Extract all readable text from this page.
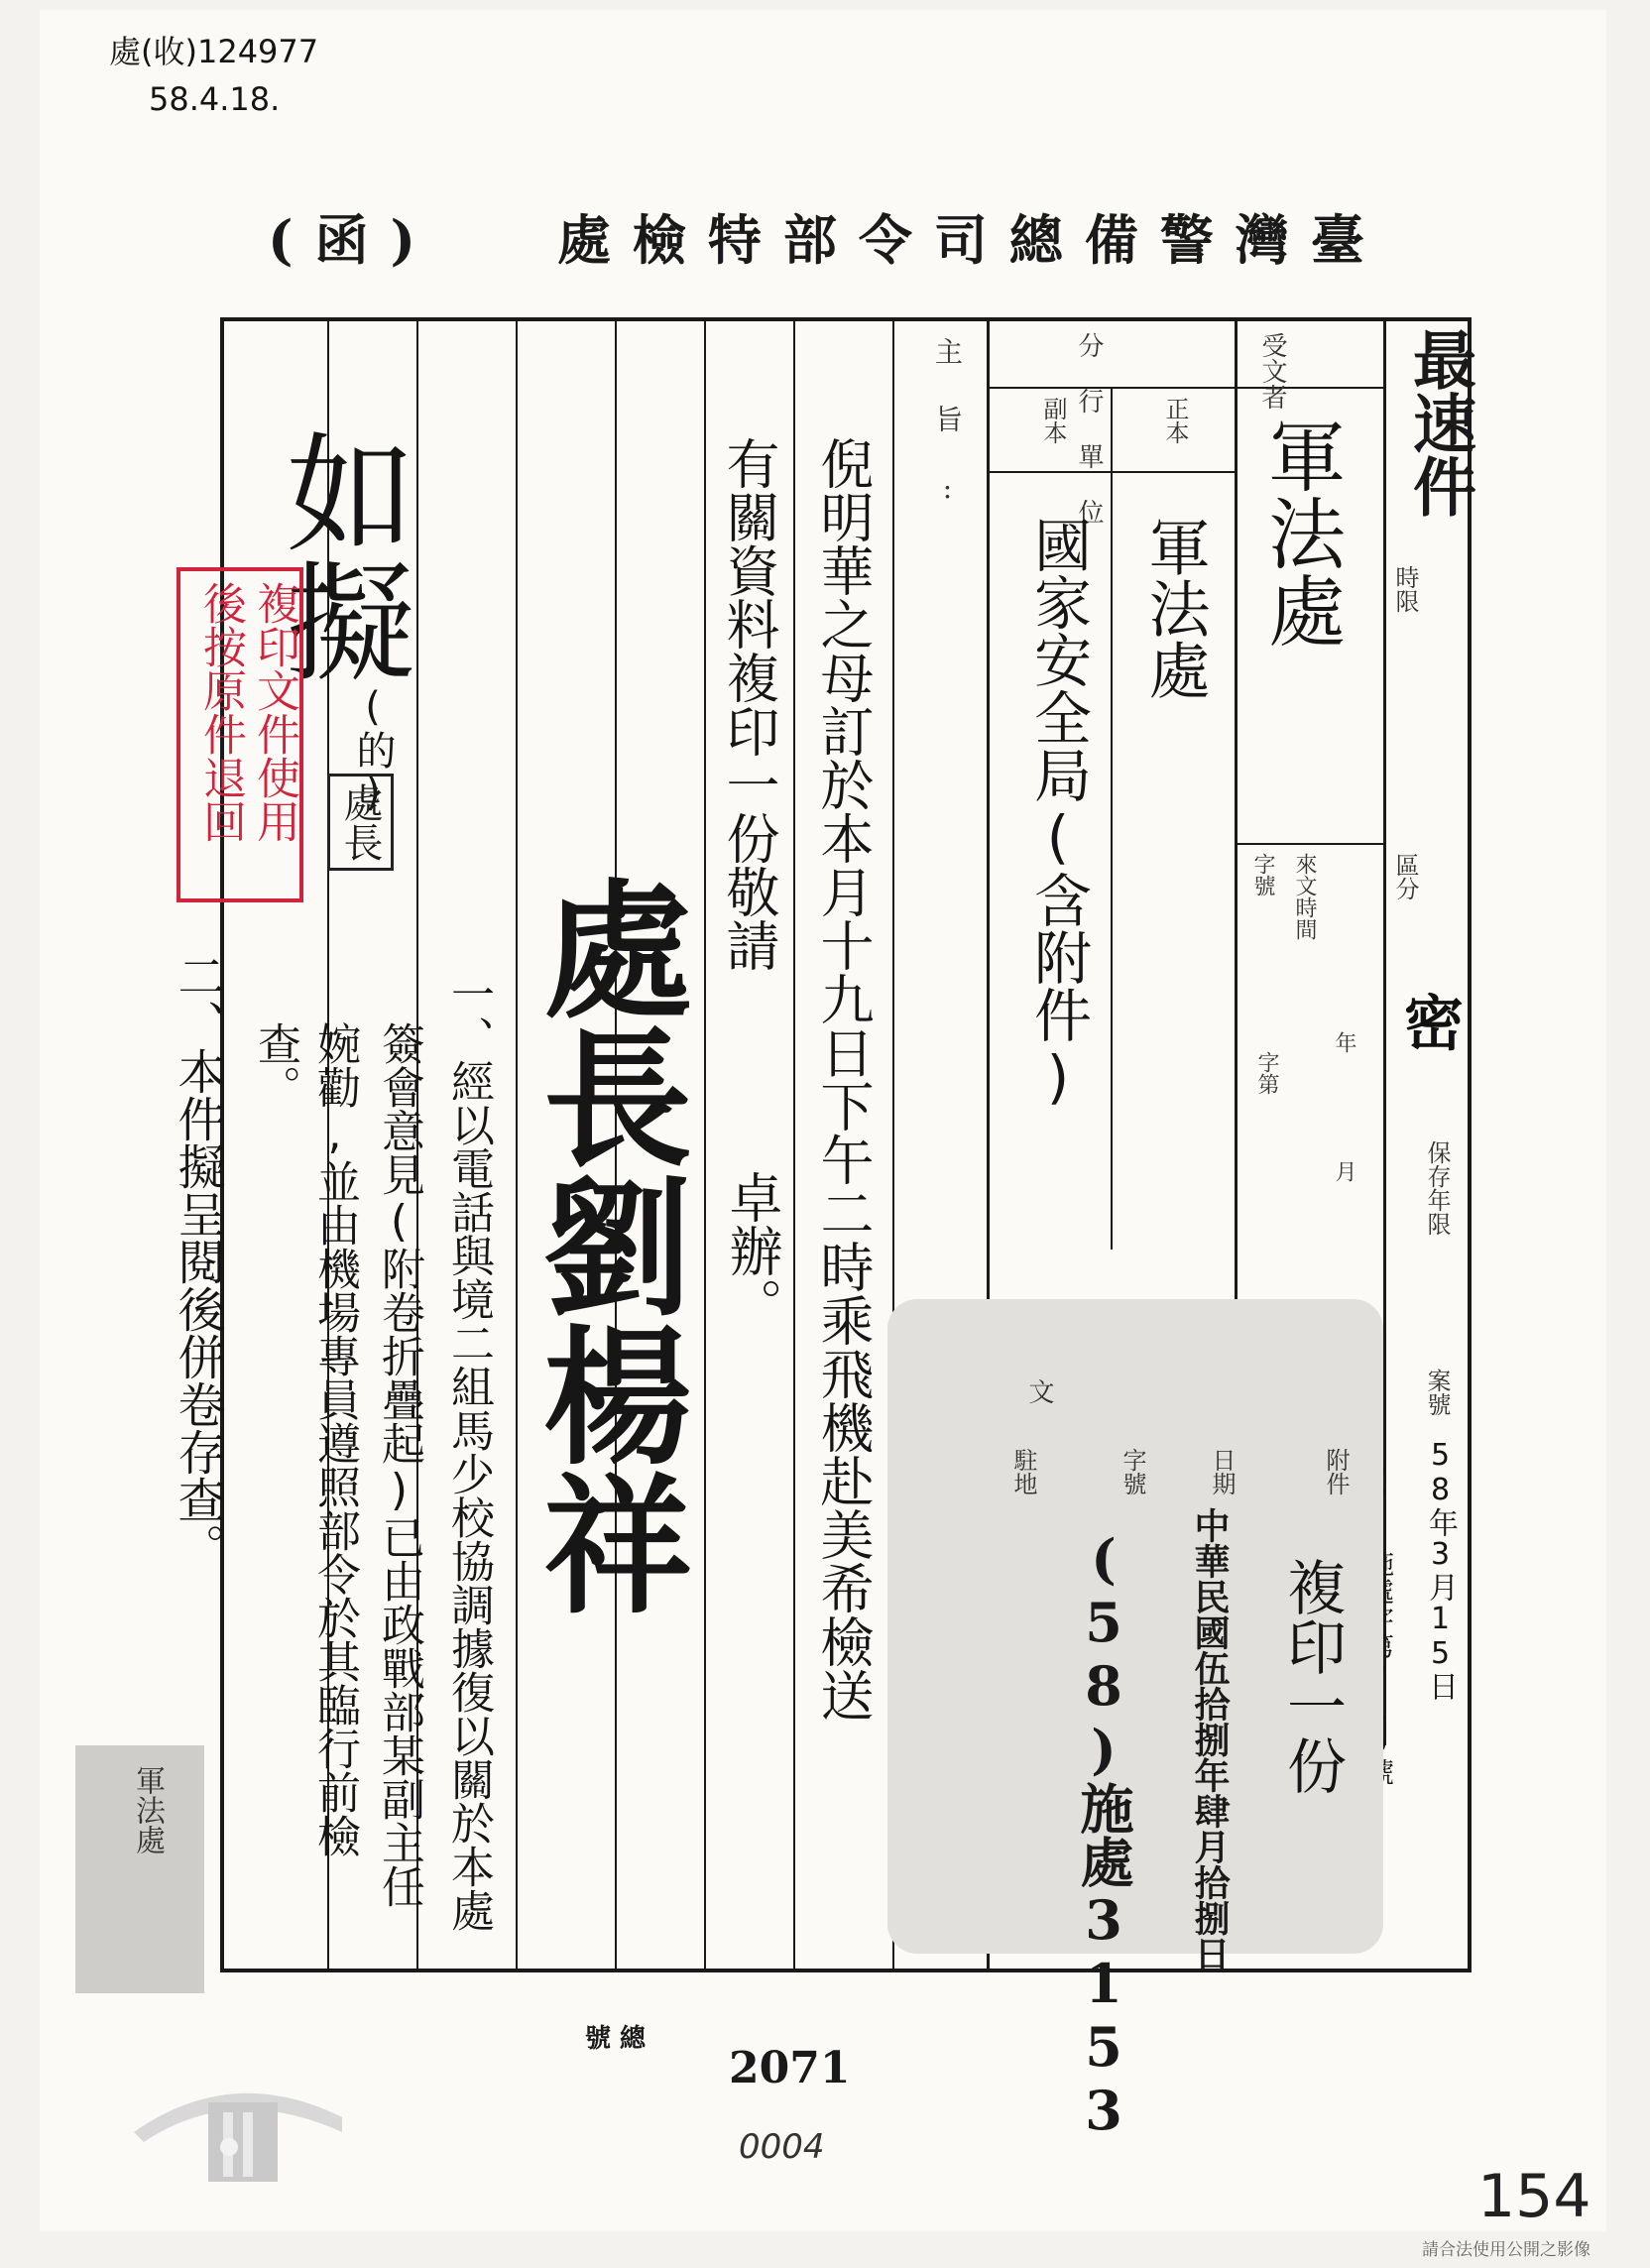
處(收)124977
58.4.18.
(函) 臺灣警備總司令部特檢處
最速件
時限
區分
密
保存年限
案號
58年3月15日
受文者
軍法處
來文時間
字號
年
字第
月
分行單位 正本
副本
軍法處
國家安全局(含附件)
主旨:
倪明華之母訂於本月十九日下午二時乘飛機赴美希檢送
有關資料複印一份敬請
卓辦。
處長劉楊祥
一、經以電話與境二組馬少校協調據復以關於本處
簽會意見(附卷折疊起)已由政戰部某副主任
婉勸,並由機場專員遵照部令於其臨行前檢
查。
二、本件擬呈閱後併卷存查。
如擬
(的)
處長
複印文件使用
後按原件退回
軍法處
文
日期
中華民國伍拾捌年肆月拾捌日
字號
(58)施處3153
駐地	附件
複印一份
號 總
2071
0004
154
請合法使用公開之影像
